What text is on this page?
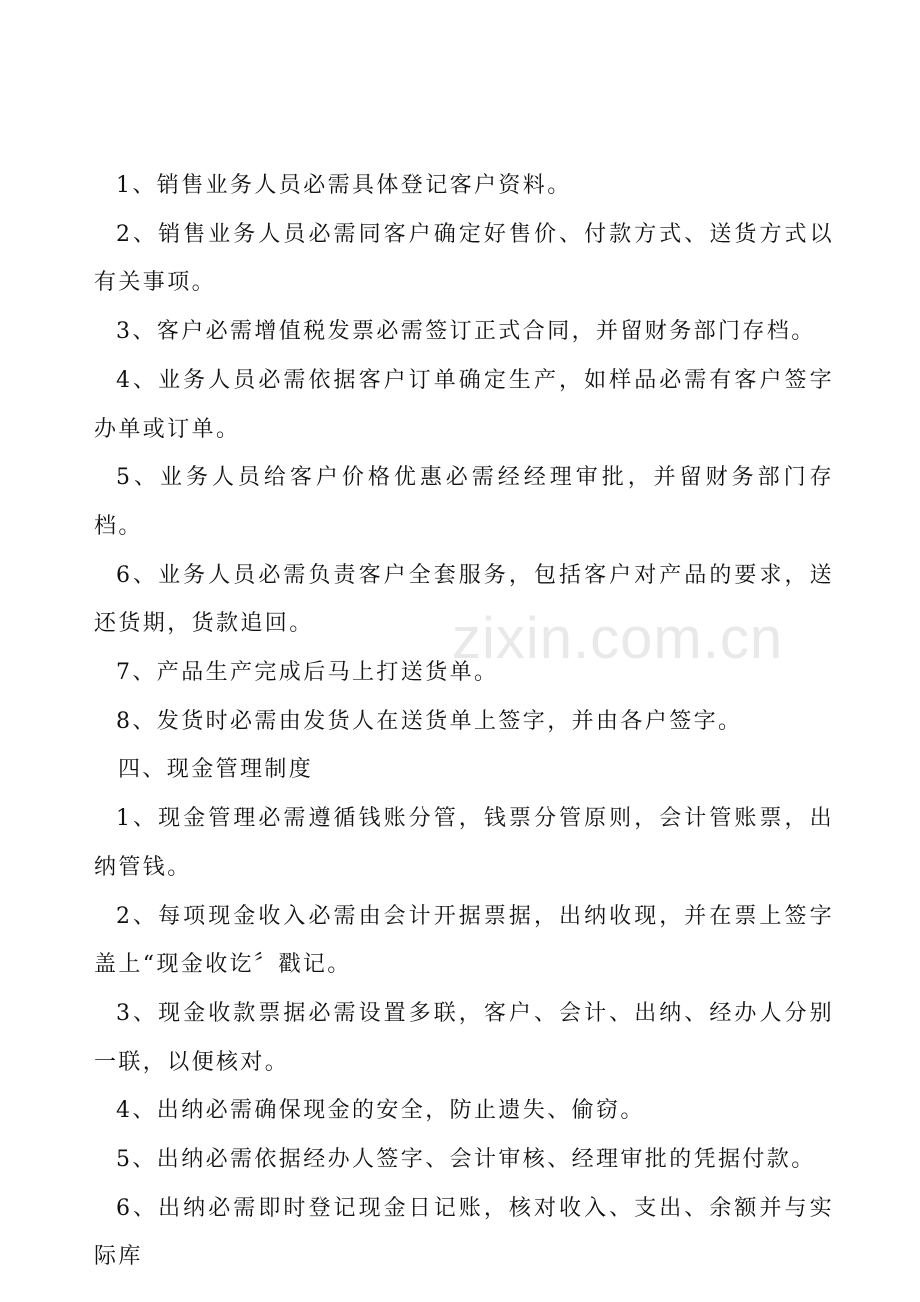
zixin.com.cn

1、销售业务人员必需具体登记客户资料。

2、销售业务人员必需同客户确定好售价、付款方式、送货方式以有关事项。

3、客户必需增值税发票必需签订正式合同，并留财务部门存档。

4、业务人员必需依据客户订单确定生产，如样品必需有客户签字办单或订单。

5、业务人员给客户价格优惠必需经经理审批，并留财务部门存档。

6、业务人员必需负责客户全套服务，包括客户对产品的要求，送还货期，货款追回。

7、产品生产完成后马上打送货单。

8、发货时必需由发货人在送货单上签字，并由各户签字。

四、现金管理制度

1、现金管理必需遵循钱账分管，钱票分管原则，会计管账票，出纳管钱。

2、每项现金收入必需由会计开据票据，出纳收现，并在票上签字盖上“现金收讫〞戳记。

3、现金收款票据必需设置多联，客户、会计、出纳、经办人分别一联，以便核对。

4、出纳必需确保现金的安全，防止遗失、偷窃。

5、出纳必需依据经办人签字、会计审核、经理审批的凭据付款。

6、出纳必需即时登记现金日记账，核对收入、支出、余额并与实际库
